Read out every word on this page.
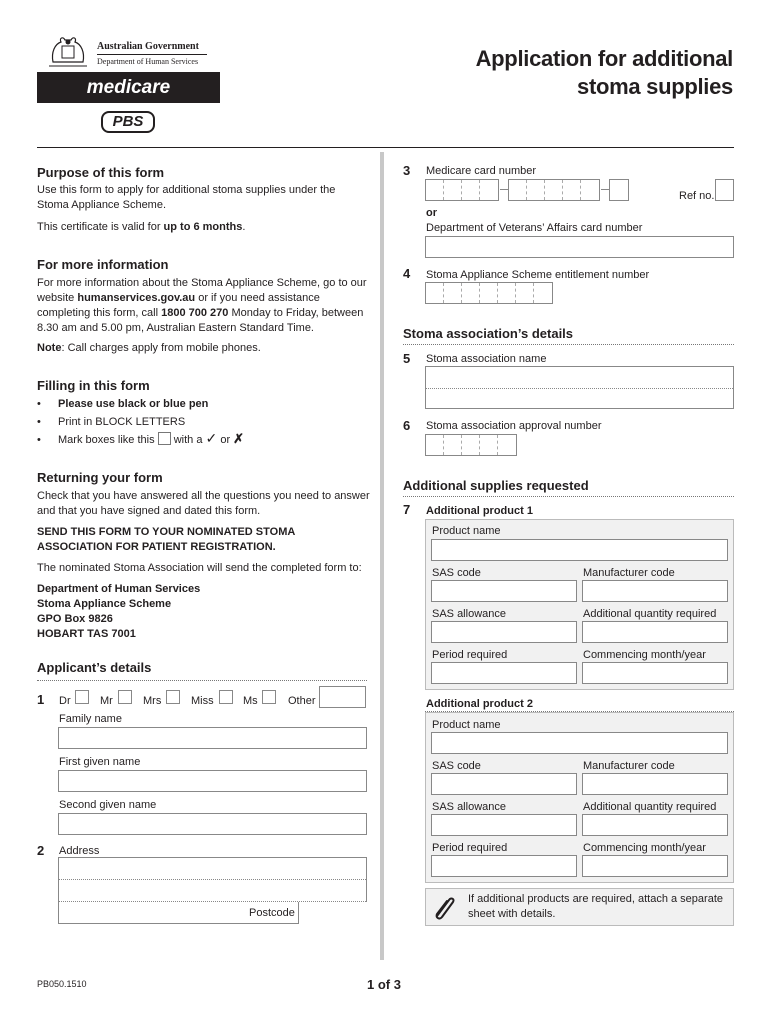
Australian Government
Department of Human Services
medicare
PBS
Application for additional
stoma supplies
Purpose of this form
Use this form to apply for additional stoma supplies under the Stoma Appliance Scheme.
This certificate is valid for up to 6 months.
For more information
For more information about the Stoma Appliance Scheme, go to our website humanservices.gov.au or if you need assistance completing this form, call 1800 700 270 Monday to Friday, between 8.30 am and 5.00 pm, Australian Eastern Standard Time.
Note: Call charges apply from mobile phones.
Filling in this form
• Please use black or blue pen
• Print in BLOCK LETTERS
• Mark boxes like this with a ✓ or ✗
Returning your form
Check that you have answered all the questions you need to answer and that you have signed and dated this form.
SEND THIS FORM TO YOUR NOMINATED STOMA ASSOCIATION FOR PATIENT REGISTRATION.
The nominated Stoma Association will send the completed form to:
Department of Human Services
Stoma Appliance Scheme
GPO Box 9826
HOBART TAS 7001
Applicant’s details
1 Dr	Mr	Mrs	Miss	Ms	Other
Family name
First given name
Second given name
2 Address
Postcode
3 Medicare card number
Ref no.
or
Department of Veterans’ Affairs card number
4 Stoma Appliance Scheme entitlement number
Stoma association’s details
5 Stoma association name
6 Stoma association approval number
Additional supplies requested
7 Additional product 1
Product name
SAS code	Manufacturer code
SAS allowance	Additional quantity required
Period required	Commencing month/year
Additional product 2
Product name
SAS code	Manufacturer code
SAS allowance	Additional quantity required
Period required	Commencing month/year
If additional products are required, attach a separate sheet with details.
PB050.1510	1 of 3
